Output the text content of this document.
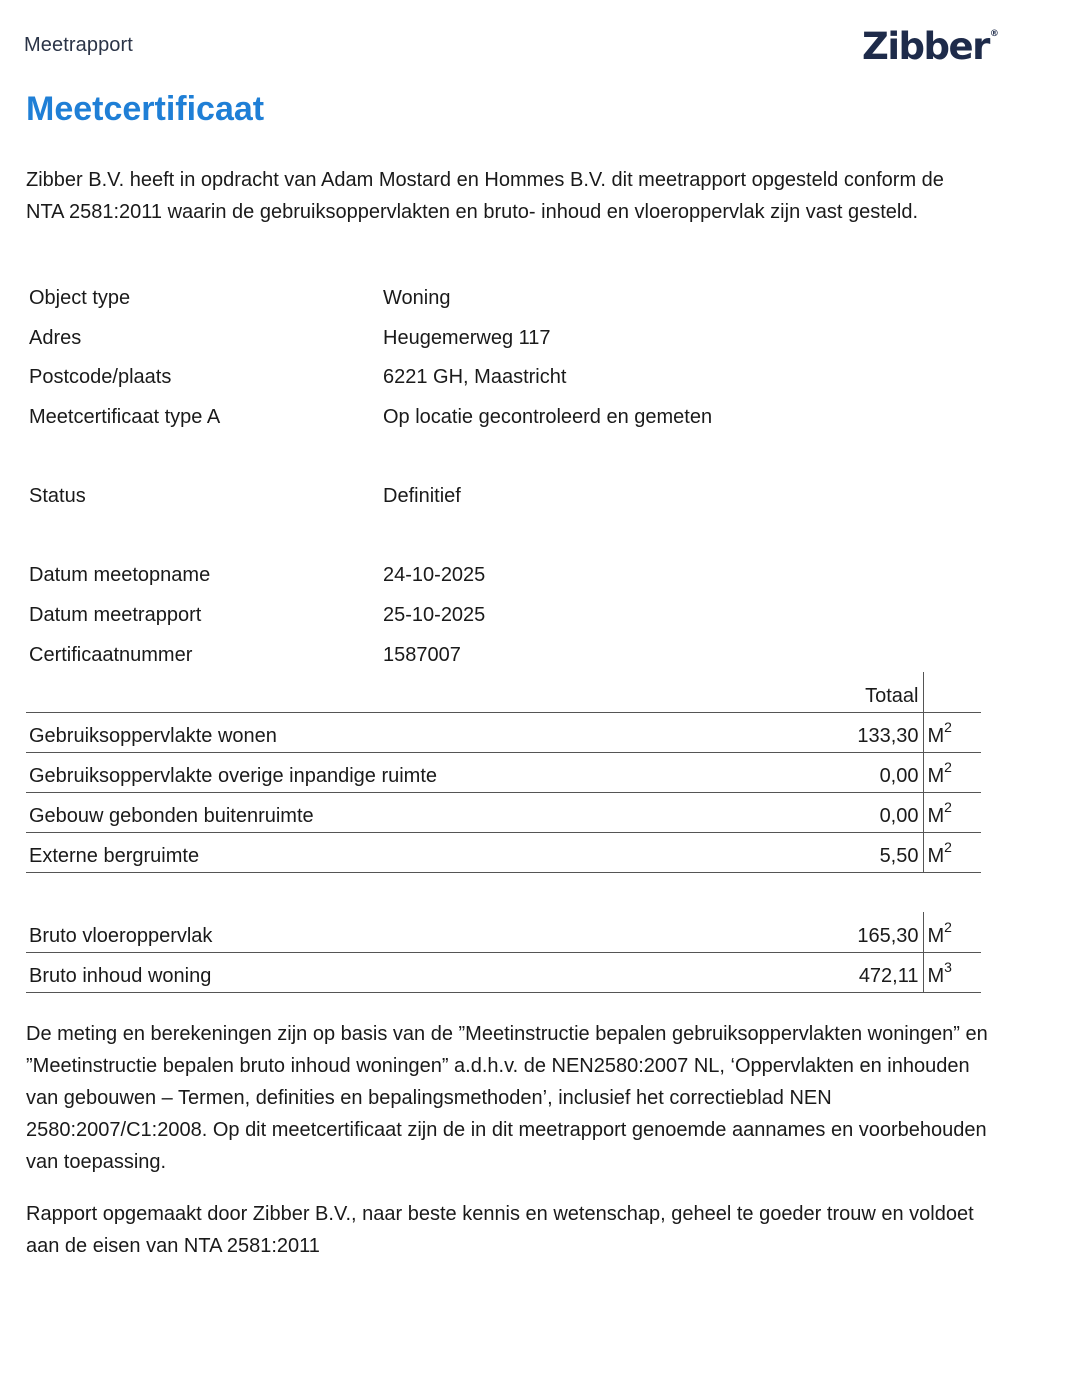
Meetrapport	Zibber®
Meetcertificaat

Zibber B.V. heeft in opdracht van Adam Mostard en Hommes B.V. dit meetrapport opgesteld conform de NTA 2581:2011 waarin de gebruiksoppervlakten en bruto- inhoud en vloeroppervlak zijn vast gesteld.

Object type	Woning
Adres	Heugemerweg 117
Postcode/plaats	6221 GH, Maastricht
Meetcertificaat type A	Op locatie gecontroleerd en gemeten

Status	Definitief

Datum meetopname	24-10-2025
Datum meetrapport	25-10-2025
Certificaatnummer	1587007
	Totaal	
Gebruiksoppervlakte wonen	133,30	$M^2$
Gebruiksoppervlakte overige inpandige ruimte	0,00	$M^2$
Gebouw gebonden buitenruimte	0,00	$M^2$
Externe bergruimte	5,50	$M^2$

Bruto vloeroppervlak	165,30	$M^2$
Bruto inhoud woning	472,11	$M^3$

De meting en berekeningen zijn op basis van de ”Meetinstructie bepalen gebruiksoppervlakten woningen” en ”Meetinstructie bepalen bruto inhoud woningen” a.d.h.v. de NEN2580:2007 NL, ‘Oppervlakten en inhouden van gebouwen – Termen, definities en bepalingsmethoden’, inclusief het correctieblad NEN 2580:2007/C1:2008. Op dit meetcertificaat zijn de in dit meetrapport genoemde aannames en voorbehouden van toepassing.

Rapport opgemaakt door Zibber B.V., naar beste kennis en wetenschap, geheel te goeder trouw en voldoet aan de eisen van NTA 2581:2011
